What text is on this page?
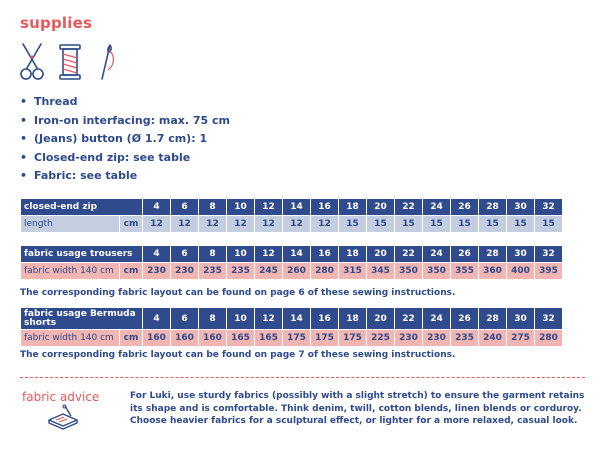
supplies
• Thread
• Iron-on interfacing: max. 75 cm
• (Jeans) button (Ø 1.7 cm): 1
• Closed-end zip: see table
• Fabric: see table
closed-end zip		4	6	8	10	12	14	16	18	20	22	24	26	28	30	32
length	cm	12	12	12	12	12	12	12	15	15	15	15	15	15	15	15
fabric usage trousers		4	6	8	10	12	14	16	18	20	22	24	26	28	30	32
fabric width 140 cm	cm	230	230	235	235	245	260	280	315	345	350	350	355	360	400	395
The corresponding fabric layout can be found on page 6 of these sewing instructions.
fabric usage Bermuda shorts		4	6	8	10	12	14	16	18	20	22	24	26	28	30	32
fabric width 140 cm	cm	160	160	160	165	165	175	175	175	225	230	230	235	240	275	280
The corresponding fabric layout can be found on page 7 of these sewing instructions.
fabric advice	For Luki, use sturdy fabrics (possibly with a slight stretch) to ensure the garment retains its shape and is comfortable. Think denim, twill, cotton blends, linen blends or corduroy. Choose heavier fabrics for a sculptural effect, or lighter for a more relaxed, casual look.
